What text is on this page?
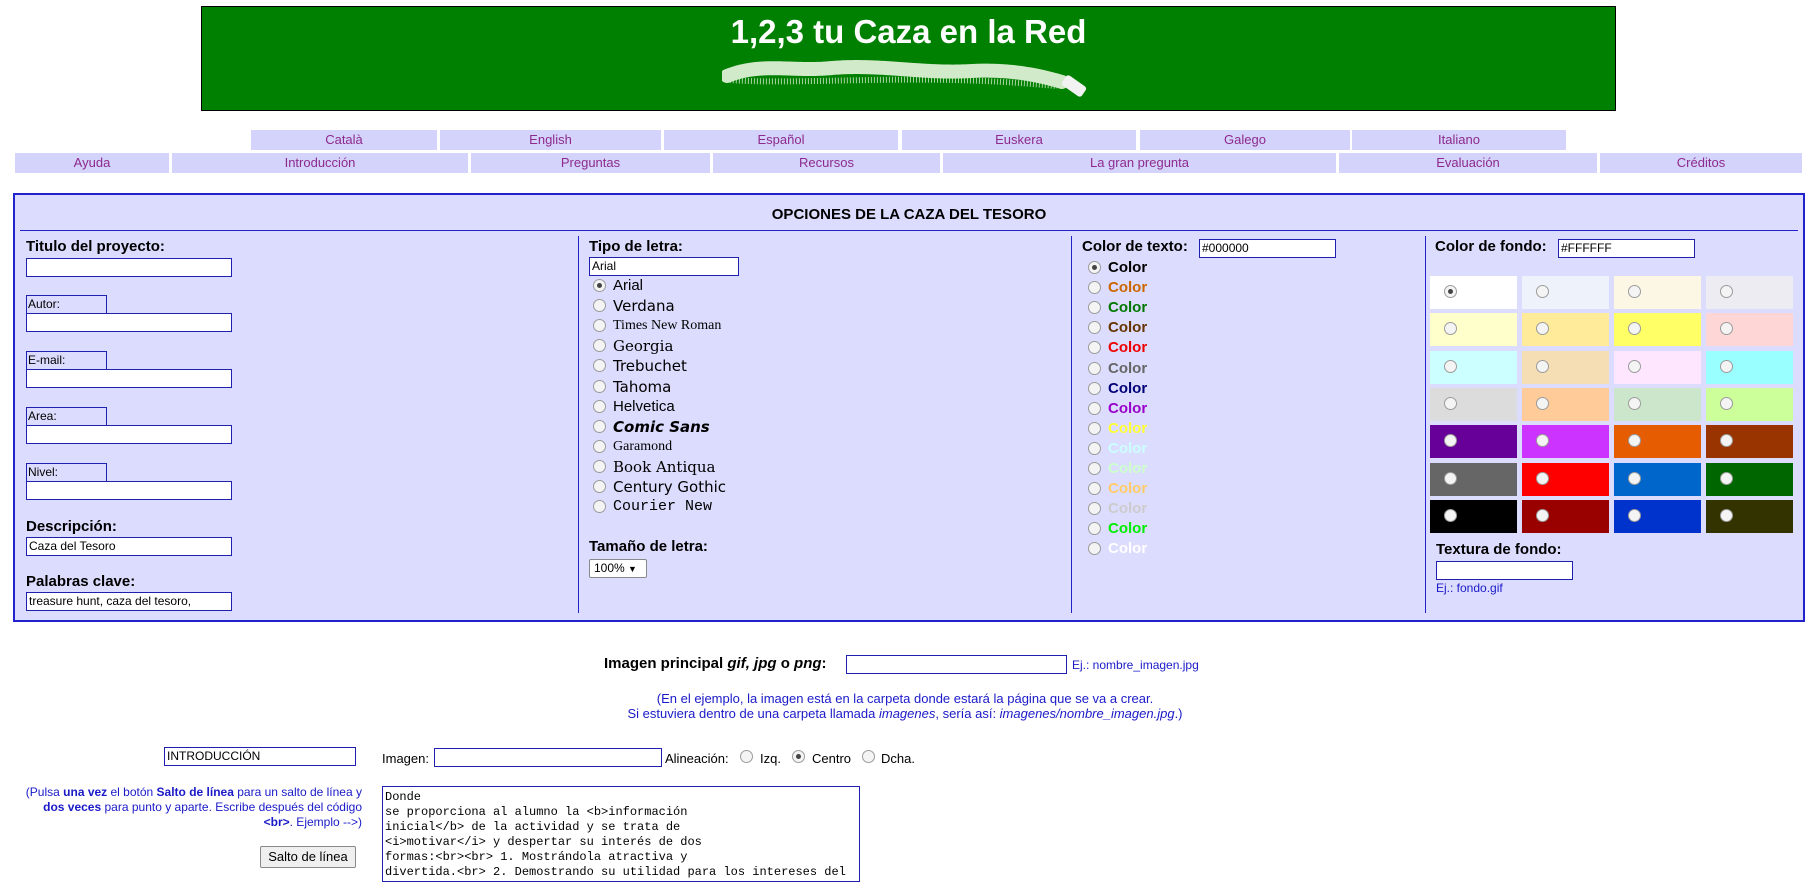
1,2,3 tu Caza en la Red
Català	English	Español	Euskera	Galego	Italiano
Ayuda	Introducción	Preguntas	Recursos	La gran pregunta	Evaluación	Créditos
OPCIONES DE LA CAZA DEL TESORO
Titulo del proyecto:
Autor:
E-mail:
Area:
Nivel:
Descripción:
Caza del Tesoro
Palabras clave:
treasure hunt, caza del tesoro,
Tipo de letra:
Arial
Tamaño de letra:
100% ▼
Color de texto: #000000	Color de fondo: #FFFFFF
Textura de fondo:
Ej.: fondo.gif
Arial
Verdana
Times New Roman
Georgia
Trebuchet
Tahoma
Helvetica
Comic Sans
Garamond
Book Antiqua
Century Gothic
Courier New
Color
Color
Color
Color
Color
Color
Color
Color
Color
Color
Color
Color
Color
Color
Color
Imagen principal gif, jpg o png:	Ej.: nombre_imagen.jpg
(En el ejemplo, la imagen está en la carpeta donde estará la página que se va a crear.
Si estuviera dentro de una carpeta llamada imagenes, sería así: imagenes/nombre_imagen.jpg.)
INTRODUCCIÓN	Imagen:	Alineación: Izq. Centro Dcha.
(Pulsa una vez el botón Salto de línea para un salto de línea y dos veces para punto y aparte. Escribe después del código <br>. Ejemplo -->)
Salto de línea
Donde
se proporciona al alumno la <b>información
inicial</b> de la actividad y se trata de
<i>motivar</i> y despertar su interés de dos
formas:<br><br> 1. Mostrándola atractiva y
divertida.<br> 2. Demostrando su utilidad para los intereses del
